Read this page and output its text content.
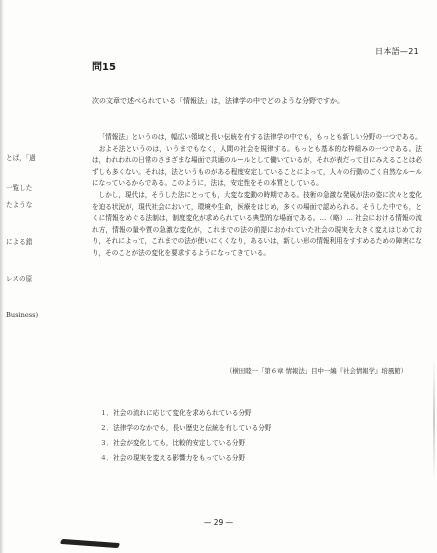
日本語—21
問15
次の文章で述べられている「情報法」は，法律学の中でどのような分野ですか。

「情報法」というのは，幅広い領域と長い伝統を有する法律学の中でも，もっとも新しい分野の一つである。

およそ法というのは，いうまでもなく，人間の社会を規律する。もっとも基本的な枠組みの一つである。法は，われわれの日常のさまざまな場面で共通のルールとして働いているが，それが表だって目にみえることは必ずしも多くない。それは，法というものがある程度安定していることによって，人々の行動のごく自然なルールになっているからである。このように，法は，安定性をその本質としている。

しかし，現代は，そうした法にとっても，大変な変動の時期である。技術の急激な発展が法の姿に次々と変化を迫る状況が，現代社会において，環境や生命，医療をはじめ，多くの場面で認められる。そうした中でも，とくに情報をめぐる法制は，制度変化が求められている典型的な場面である。…（略）… 社会における情報の流れ方，情報の量や質の急激な変化が，これまでの法の前提におかれていた社会の現実を大きく変えはじめており，それによって，これまでの法が使いにくくなり，あるいは，新しい形の情報利用をすすめるための障害になり，そのことが法の変化を要求するようになってきている。

（横田睦一「第６章 情報法」目中一編『社会情報学』培風館）
１．社会の流れに応じて変化を求められている分野
２．法律学のなかでも，長い歴史と伝統を有している分野
３．社会が変化しても，比較的安定している分野
４．社会の現実を変える影響力をもっている分野
とば，「過
一覧した
たような
による錯
レスの原
Business)
— 29 —
